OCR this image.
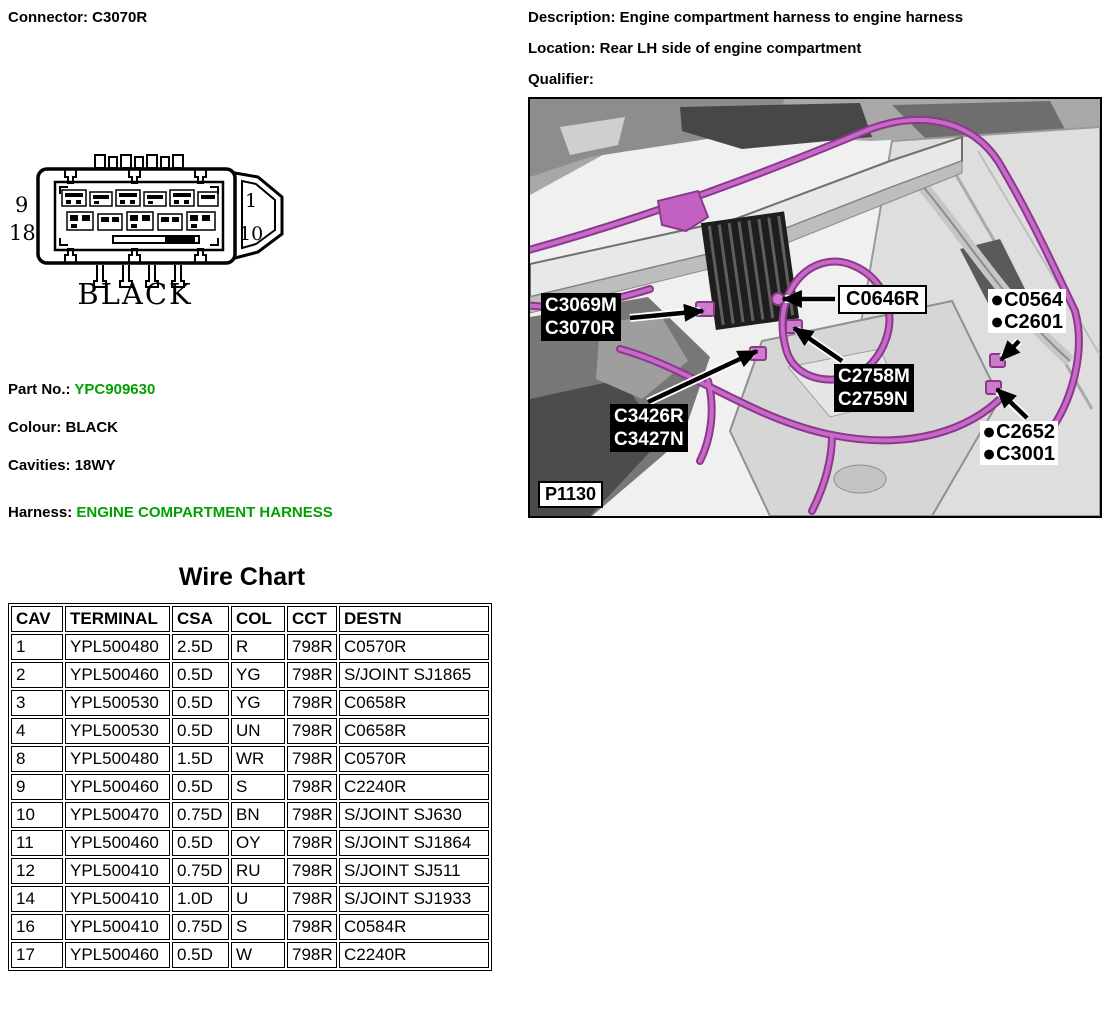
Connector: C3070R	Description: Engine compartment harness to engine harness
Location: Rear LH side of engine compartment
Qualifier:
9
18
1
10
BLACK
Part No.: YPC909630
Colour: BLACK
Cavities: 18WY
Harness: ENGINE COMPARTMENT HARNESS
C0646R
C3069M
C3070R
C2758M
C2759N
C3426R
C3427N
●C0564
●C2601
●C2652
●C3001
P1130
Wire Chart
CAV	TERMINAL	CSA	COL	CCT	DESTN
1	YPL500480	2.5D	R	798R	C0570R
2	YPL500460	0.5D	YG	798R	S/JOINT SJ1865
3	YPL500530	0.5D	YG	798R	C0658R
4	YPL500530	0.5D	UN	798R	C0658R
8	YPL500480	1.5D	WR	798R	C0570R
9	YPL500460	0.5D	S	798R	C2240R
10	YPL500470	0.75D	BN	798R	S/JOINT SJ630
11	YPL500460	0.5D	OY	798R	S/JOINT SJ1864
12	YPL500410	0.75D	RU	798R	S/JOINT SJ511
14	YPL500410	1.0D	U	798R	S/JOINT SJ1933
16	YPL500410	0.75D	S	798R	C0584R
17	YPL500460	0.5D	W	798R	C2240R
